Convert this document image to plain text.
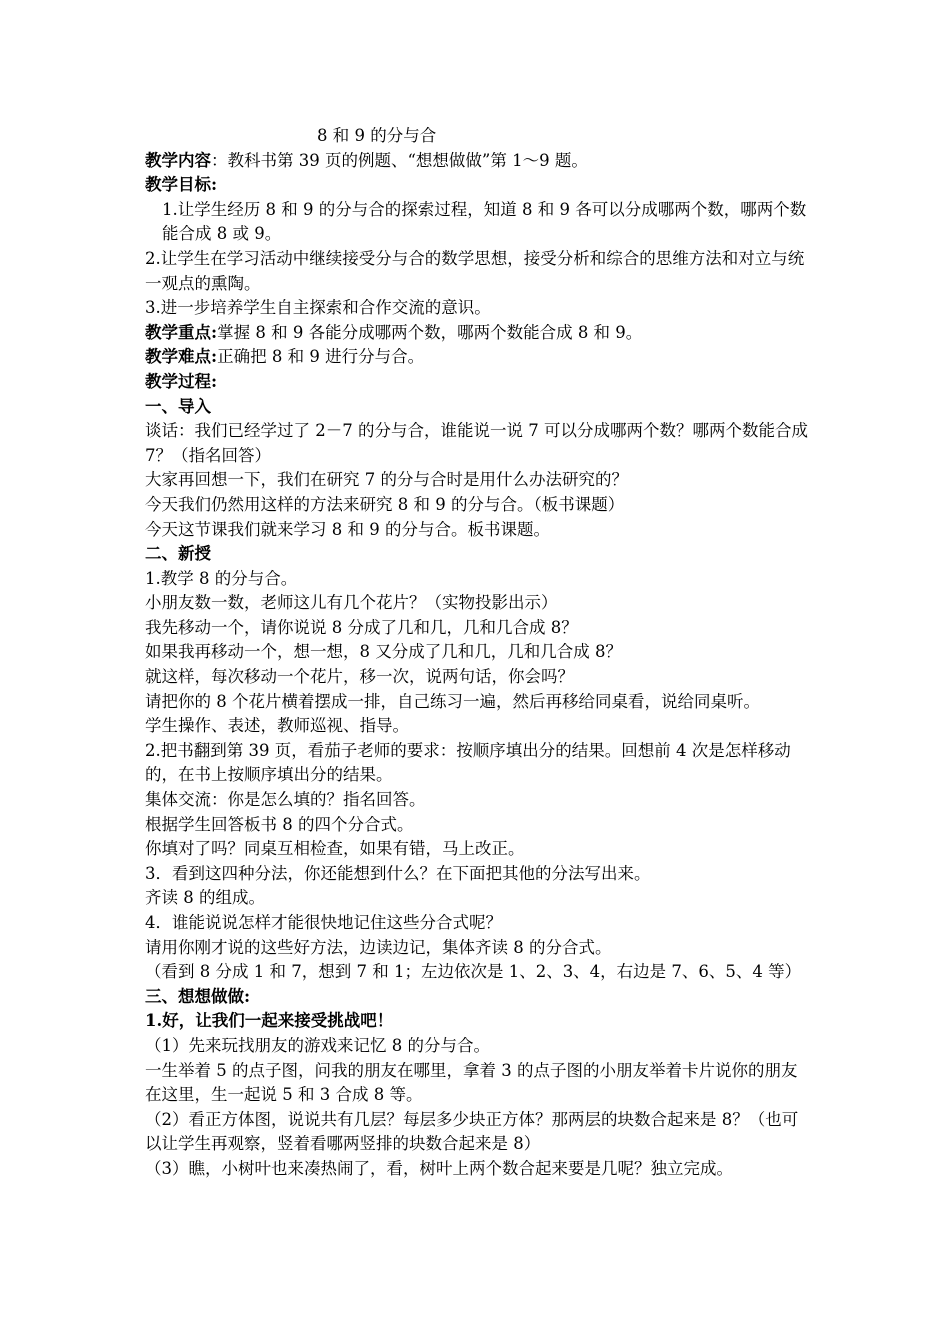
8 和 9 的分与合

教学内容：教科书第 39 页的例题、“想想做做”第 1～9 题。

教学目标:

1.让学生经历 8 和 9 的分与合的探索过程，知道 8 和 9 各可以分成哪两个数，哪两个数能合成 8 或 9。

2.让学生在学习活动中继续接受分与合的数学思想，接受分析和综合的思维方法和对立与统一观点的熏陶。

3.进一步培养学生自主探索和合作交流的意识。

教学重点:掌握 8 和 9 各能分成哪两个数，哪两个数能合成 8 和 9。

教学难点:正确把 8 和 9 进行分与合。

教学过程:

一、导入

谈话：我们已经学过了 2－7 的分与合，谁能说一说 7 可以分成哪两个数？哪两个数能合成 7？（指名回答）

大家再回想一下，我们在研究 7 的分与合时是用什么办法研究的？

今天我们仍然用这样的方法来研究 8 和 9 的分与合。（板书课题）

今天这节课我们就来学习 8 和 9 的分与合。板书课题。

二、新授

1.教学 8 的分与合。

小朋友数一数，老师这儿有几个花片？（实物投影出示）

我先移动一个，请你说说 8 分成了几和几，几和几合成 8？

如果我再移动一个，想一想，8 又分成了几和几，几和几合成 8？

就这样，每次移动一个花片，移一次，说两句话，你会吗？

请把你的 8 个花片横着摆成一排，自己练习一遍，然后再移给同桌看，说给同桌听。

学生操作、表述，教师巡视、指导。

2.把书翻到第 39 页，看茄子老师的要求：按顺序填出分的结果。回想前 4 次是怎样移动的，在书上按顺序填出分的结果。

集体交流：你是怎么填的？指名回答。

根据学生回答板书 8 的四个分合式。

你填对了吗？同桌互相检查，如果有错，马上改正。

3．看到这四种分法，你还能想到什么？在下面把其他的分法写出来。

齐读 8 的组成。

4．谁能说说怎样才能很快地记住这些分合式呢？

请用你刚才说的这些好方法，边读边记，集体齐读 8 的分合式。

（看到 8 分成 1 和 7，想到 7 和 1；左边依次是 1、2、3、4，右边是 7、6、5、4 等）

三、想想做做:

1.好，让我们一起来接受挑战吧！

（1）先来玩找朋友的游戏来记忆 8 的分与合。

一生举着 5 的点子图，问我的朋友在哪里，拿着 3 的点子图的小朋友举着卡片说你的朋友在这里，生一起说 5 和 3 合成 8 等。

（2）看正方体图，说说共有几层？每层多少块正方体？那两层的块数合起来是 8？（也可以让学生再观察，竖着看哪两竖排的块数合起来是 8）

（3）瞧，小树叶也来凑热闹了，看，树叶上两个数合起来要是几呢？独立完成。
